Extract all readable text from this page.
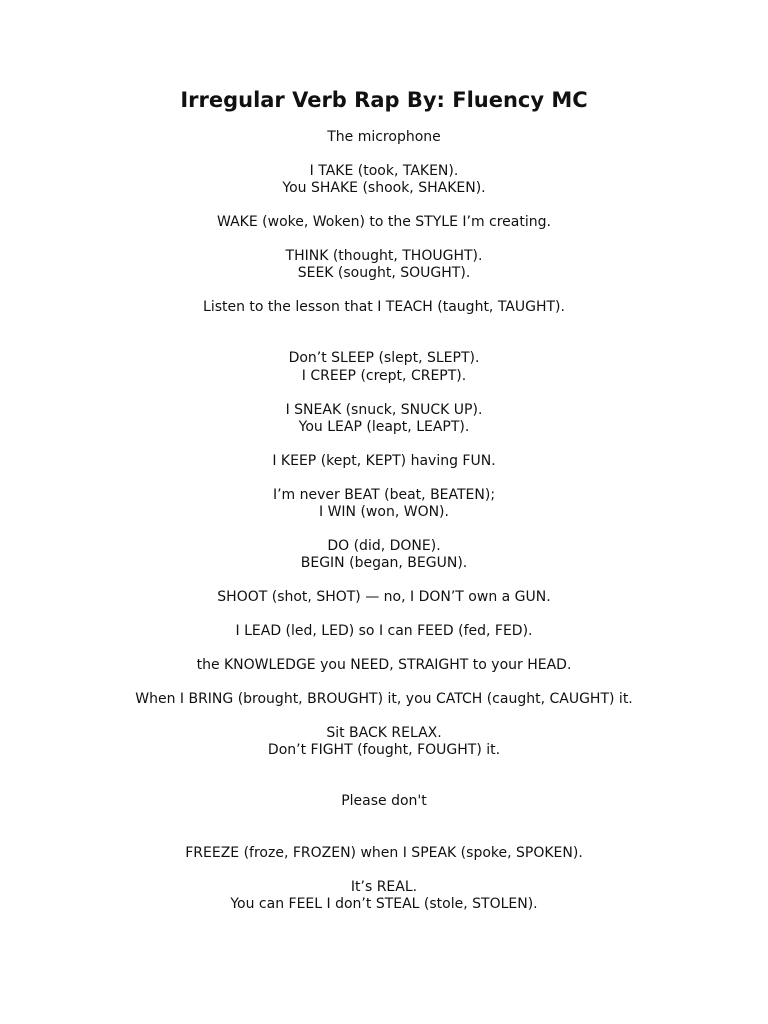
Irregular Verb Rap By: Fluency MC
The microphone
I TAKE (took, TAKEN).
You SHAKE (shook, SHAKEN).
WAKE (woke, Woken) to the STYLE I’m creating.
THINK (thought, THOUGHT).
SEEK (sought, SOUGHT).
Listen to the lesson that I TEACH (taught, TAUGHT).
Don’t SLEEP (slept, SLEPT).
I CREEP (crept, CREPT).
I SNEAK (snuck, SNUCK UP).
You LEAP (leapt, LEAPT).
I KEEP (kept, KEPT) having FUN.
I’m never BEAT (beat, BEATEN);
I WIN (won, WON).
DO (did, DONE).
BEGIN (began, BEGUN).
SHOOT (shot, SHOT) — no, I DON’T own a GUN.
I LEAD (led, LED) so I can FEED (fed, FED).
the KNOWLEDGE you NEED, STRAIGHT to your HEAD.
When I BRING (brought, BROUGHT) it, you CATCH (caught, CAUGHT) it.
Sit BACK RELAX.
Don’t FIGHT (fought, FOUGHT) it.
Please don't
FREEZE (froze, FROZEN) when I SPEAK (spoke, SPOKEN).
It’s REAL.
You can FEEL I don’t STEAL (stole, STOLEN).
